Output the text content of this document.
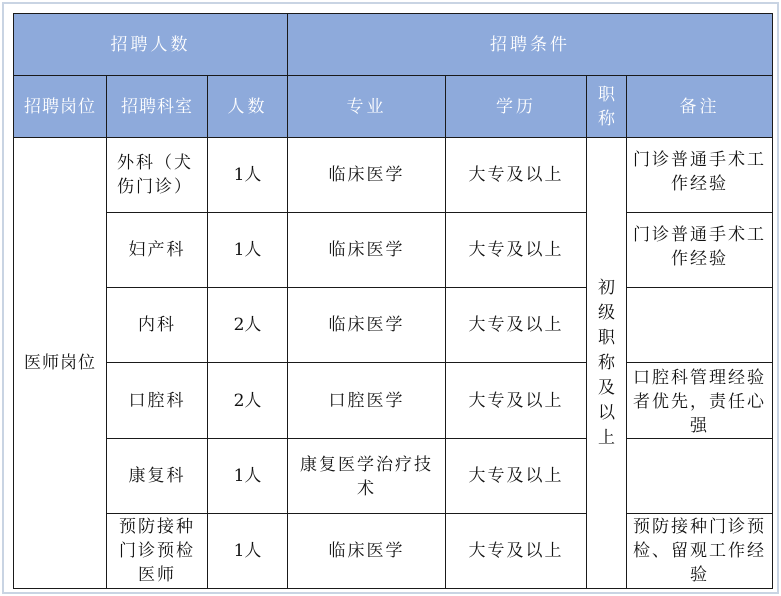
招聘人数			招聘条件			
招聘岗位	招聘科室	人数	专业	学历	职称	备注
医师岗位	外科（犬伤门诊）	1人	临床医学	大专及以上	初级职称及以上	门诊普通手术工作经验
	妇产科	1人	临床医学	大专及以上		门诊普通手术工作经验
	内科	2人	临床医学	大专及以上		
	口腔科	2人	口腔医学	大专及以上		口腔科管理经验者优先，责任心强
	康复科	1人	康复医学治疗技术	大专及以上		
	预防接种门诊预检医师	1人	临床医学	大专及以上		预防接种门诊预检、留观工作经验
